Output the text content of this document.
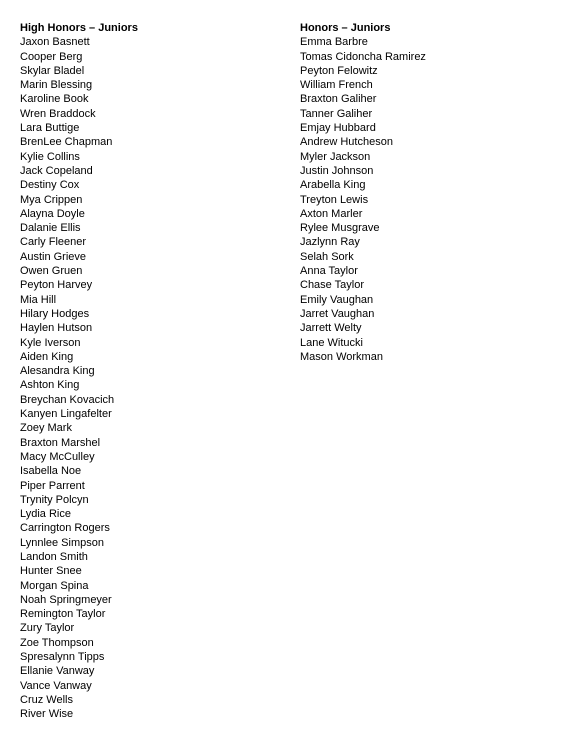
High Honors – Juniors
Jaxon Basnett
Cooper Berg
Skylar Bladel
Marin Blessing
Karoline Book
Wren Braddock
Lara Buttige
BrenLee Chapman
Kylie Collins
Jack Copeland
Destiny Cox
Mya Crippen
Alayna Doyle
Dalanie Ellis
Carly Fleener
Austin Grieve
Owen Gruen
Peyton Harvey
Mia Hill
Hilary Hodges
Haylen Hutson
Kyle Iverson
Aiden King
Alesandra King
Ashton King
Breychan Kovacich
Kanyen Lingafelter
Zoey Mark
Braxton Marshel
Macy McCulley
Isabella Noe
Piper Parrent
Trynity Polcyn
Lydia Rice
Carrington Rogers
Lynnlee Simpson
Landon Smith
Hunter Snee
Morgan Spina
Noah Springmeyer
Remington Taylor
Zury Taylor
Zoe Thompson
Spresalynn Tipps
Ellanie Vanway
Vance Vanway
Cruz Wells
River Wise
Honors – Juniors
Emma Barbre
Tomas Cidoncha Ramirez
Peyton Felowitz
William French
Braxton Galiher
Tanner Galiher
Emjay Hubbard
Andrew Hutcheson
Myler Jackson
Justin Johnson
Arabella King
Treyton Lewis
Axton Marler
Rylee Musgrave
Jazlynn Ray
Selah Sork
Anna Taylor
Chase Taylor
Emily Vaughan
Jarret Vaughan
Jarrett Welty
Lane Witucki
Mason Workman
